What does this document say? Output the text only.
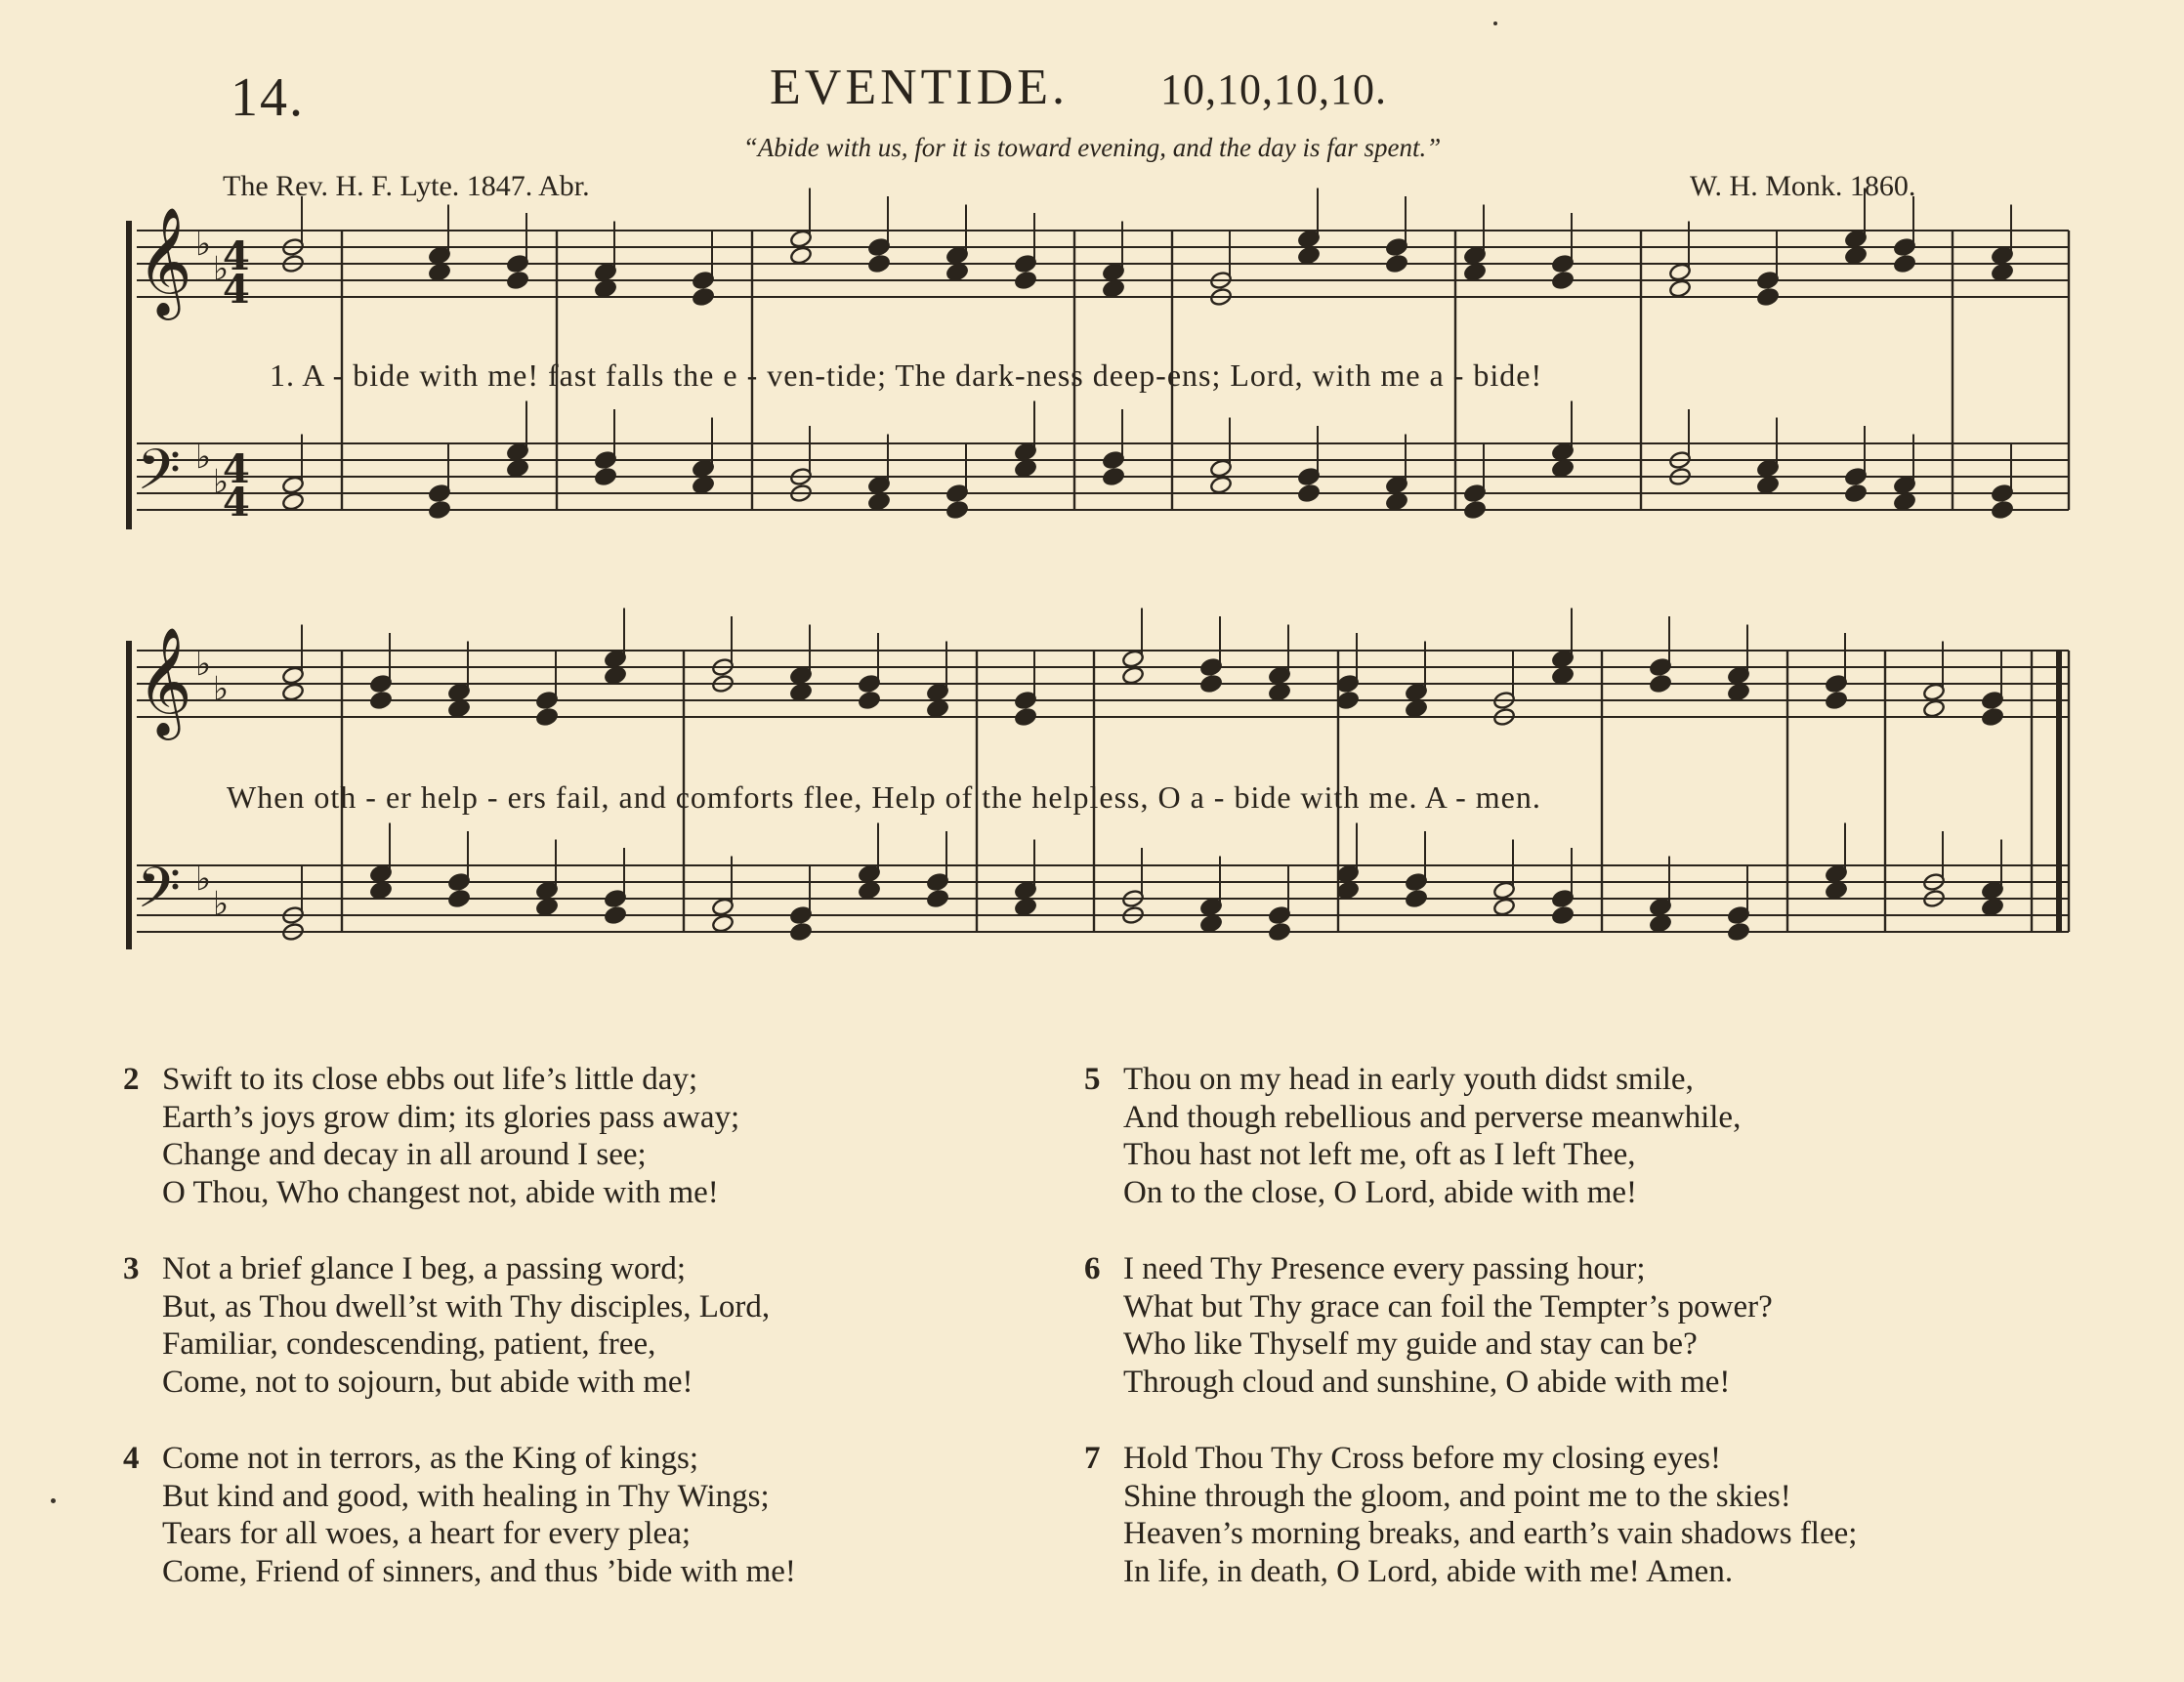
14.	EVENTIDE. 10,10,10,10.
“Abide with us, for it is toward evening, and the day is far spent.”
The Rev. H. F. Lyte. 1847. Abr.	W. H. Monk. 1860.
𝄞
𝄢
𝄞
𝄢
4
4
4
4
♭
♭
♭
♭
♭
♭
♭
♭
1. A - bide with me! fast falls the e - ven-tide; The dark-ness deep-ens; Lord, with me a - bide!
When oth - er help - ers fail, and comforts flee, Help of the helpless, O a - bide with me. A - men.
2 Swift to its close ebbs out life’s little day;
Earth’s joys grow dim; its glories pass away;
Change and decay in all around I see;
O Thou, Who changest not, abide with me!
3 Not a brief glance I beg, a passing word;
But, as Thou dwell’st with Thy disciples, Lord,
Familiar, condescending, patient, free,
Come, not to sojourn, but abide with me!
4 Come not in terrors, as the King of kings;
But kind and good, with healing in Thy Wings;
Tears for all woes, a heart for every plea;
Come, Friend of sinners, and thus ’bide with me!
5 Thou on my head in early youth didst smile,
And though rebellious and perverse meanwhile,
Thou hast not left me, oft as I left Thee,
On to the close, O Lord, abide with me!
6 I need Thy Presence every passing hour;
What but Thy grace can foil the Tempter’s power?
Who like Thyself my guide and stay can be?
Through cloud and sunshine, O abide with me!
7 Hold Thou Thy Cross before my closing eyes!
Shine through the gloom, and point me to the skies!
Heaven’s morning breaks, and earth’s vain shadows flee;
In life, in death, O Lord, abide with me! Amen.
